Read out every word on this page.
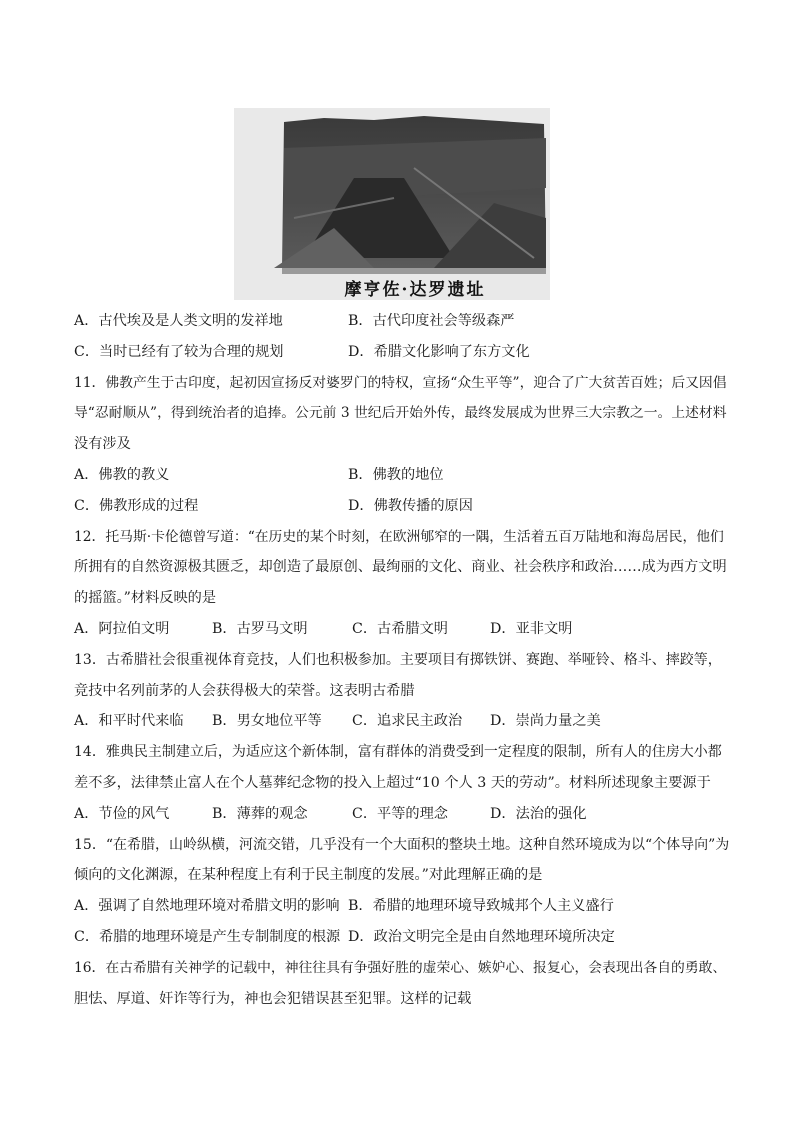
摩亨佐·达罗遗址
A．古代埃及是人类文明的发祥地	B．古代印度社会等级森严
C．当时已经有了较为合理的规划	D．希腊文化影响了东方文化
11．佛教产生于古印度，起初因宣扬反对婆罗门的特权，宣扬“众生平等”，迎合了广大贫苦百姓；后又因倡
导“忍耐顺从”，得到统治者的追捧。公元前 3 世纪后开始外传，最终发展成为世界三大宗教之一。上述材料
没有涉及
A．佛教的教义	B．佛教的地位
C．佛教形成的过程	D．佛教传播的原因
12．托马斯·卡伦德曾写道：“在历史的某个时刻，在欧洲郇窄的一隅，生活着五百万陆地和海岛居民，他们
所拥有的自然资源极其匮乏，却创造了最原创、最绚丽的文化、商业、社会秩序和政治……成为西方文明
的摇篮。”材料反映的是
A．阿拉伯文明	B．古罗马文明	C．古希腊文明	D．亚非文明
13．古希腊社会很重视体育竞技，人们也积极参加。主要项目有掷铁饼、赛跑、举哑铃、格斗、摔跤等，
竞技中名列前茅的人会获得极大的荣誉。这表明古希腊
A．和平时代来临	B．男女地位平等	C．追求民主政治	D．崇尚力量之美
14．雅典民主制建立后，为适应这个新体制，富有群体的消费受到一定程度的限制，所有人的住房大小都
差不多，法律禁止富人在个人墓葬纪念物的投入上超过“10 个人 3 天的劳动”。材料所述现象主要源于
A．节俭的风气	B．薄葬的观念	C．平等的理念	D．法治的强化
15．“在希腊，山岭纵横，河流交错，几乎没有一个大面积的整块土地。这种自然环境成为以“个体导向”为
倾向的文化渊源，在某种程度上有利于民主制度的发展。”对此理解正确的是
A．强调了自然地理环境对希腊文明的影响 B．希腊的地理环境导致城邦个人主义盛行
C．希腊的地理环境是产生专制制度的根源 D．政治文明完全是由自然地理环境所决定
16．在古希腊有关神学的记载中，神往往具有争强好胜的虚荣心、嫉妒心、报复心，会表现出各自的勇敢、
胆怯、厚道、奸诈等行为，神也会犯错误甚至犯罪。这样的记载
